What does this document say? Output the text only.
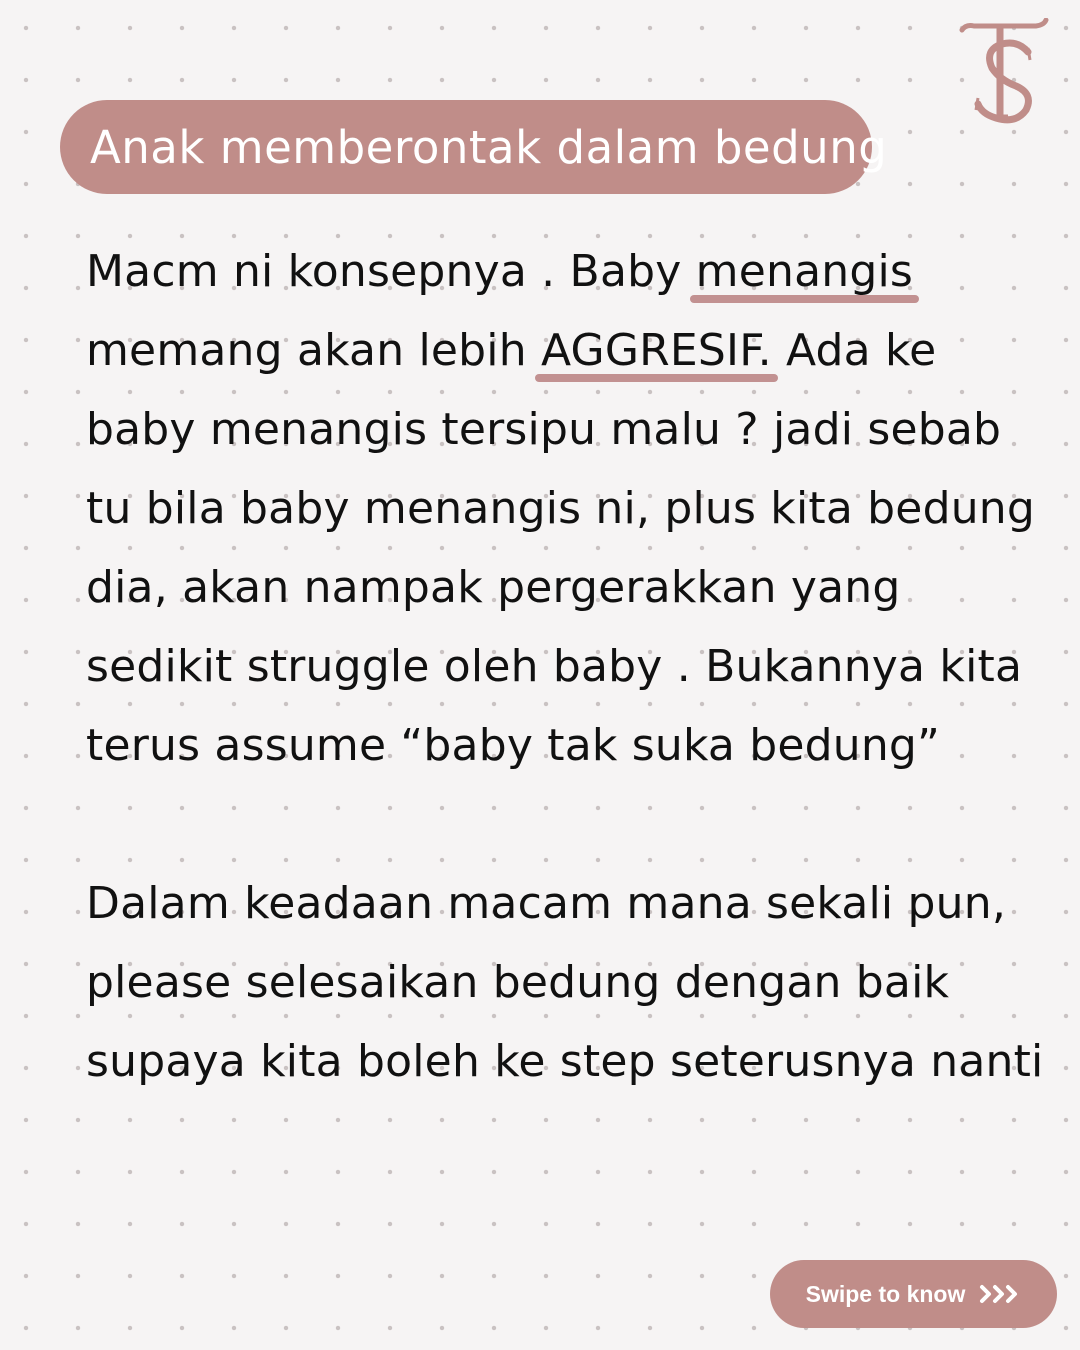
Anak memberontak dalam bedung

Macm ni konsepnya . Baby menangis memang akan lebih AGGRESIF. Ada ke baby menangis tersipu malu ? jadi sebab tu bila baby menangis ni, plus kita bedung dia, akan nampak pergerakkan yang sedikit struggle oleh baby . Bukannya kita terus assume “baby tak suka bedung”

Dalam keadaan macam mana sekali pun, please selesaikan bedung dengan baik supaya kita boleh ke step seterusnya nanti

Swipe to know
